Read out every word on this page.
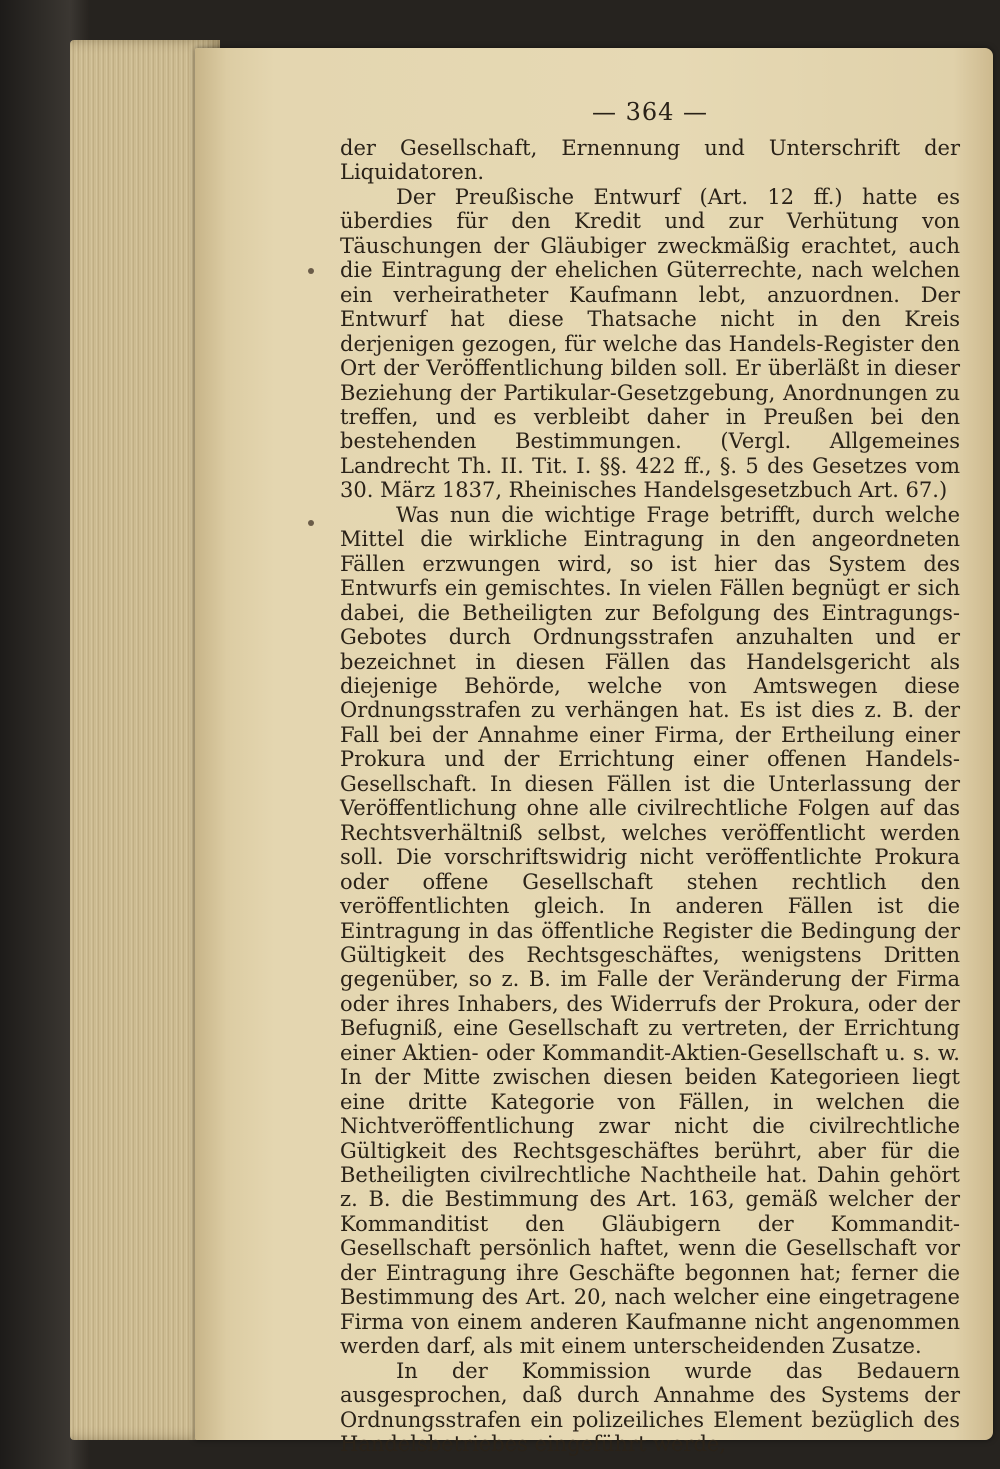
— 364 —

der Gesellschaft, Ernennung und Unterschrift der Liquidatoren.

Der Preußische Entwurf (Art. 12 ff.) hatte es überdies für den Kredit und zur Verhütung von Täuschungen der Gläubiger zweckmäßig erachtet, auch die Eintragung der ehelichen Güterrechte, nach welchen ein verheiratheter Kaufmann lebt, anzuordnen. Der Entwurf hat diese Thatsache nicht in den Kreis derjenigen gezogen, für welche das Handels-Register den Ort der Veröffentlichung bilden soll. Er überläßt in dieser Beziehung der Partikular-Gesetzgebung, Anordnungen zu treffen, und es verbleibt daher in Preußen bei den bestehenden Bestimmungen. (Vergl. Allgemeines Landrecht Th. II. Tit. I. §§. 422 ff., §. 5 des Gesetzes vom 30. März 1837, Rheinisches Handelsgesetzbuch Art. 67.)

Was nun die wichtige Frage betrifft, durch welche Mittel die wirkliche Eintragung in den angeordneten Fällen erzwungen wird, so ist hier das System des Entwurfs ein gemischtes. In vielen Fällen begnügt er sich dabei, die Betheiligten zur Befolgung des Eintragungs-Gebotes durch Ordnungsstrafen anzuhalten und er bezeichnet in diesen Fällen das Handelsgericht als diejenige Behörde, welche von Amtswegen diese Ordnungsstrafen zu verhängen hat. Es ist dies z. B. der Fall bei der Annahme einer Firma, der Ertheilung einer Prokura und der Errichtung einer offenen Handels-Gesellschaft. In diesen Fällen ist die Unterlassung der Veröffentlichung ohne alle civilrechtliche Folgen auf das Rechtsverhältniß selbst, welches veröffentlicht werden soll. Die vorschriftswidrig nicht veröffentlichte Prokura oder offene Gesellschaft stehen rechtlich den veröffentlichten gleich. In anderen Fällen ist die Eintragung in das öffentliche Register die Bedingung der Gültigkeit des Rechtsgeschäftes, wenigstens Dritten gegenüber, so z. B. im Falle der Veränderung der Firma oder ihres Inhabers, des Widerrufs der Prokura, oder der Befugniß, eine Gesellschaft zu vertreten, der Errichtung einer Aktien- oder Kommandit-Aktien-Gesellschaft u. s. w. In der Mitte zwischen diesen beiden Kategorieen liegt eine dritte Kategorie von Fällen, in welchen die Nichtveröffentlichung zwar nicht die civilrechtliche Gültigkeit des Rechtsgeschäftes berührt, aber für die Betheiligten civilrechtliche Nachtheile hat. Dahin gehört z. B. die Bestimmung des Art. 163, gemäß welcher der Kommanditist den Gläubigern der Kommandit-Gesellschaft persönlich haftet, wenn die Gesellschaft vor der Eintragung ihre Geschäfte begonnen hat; ferner die Bestimmung des Art. 20, nach welcher eine eingetragene Firma von einem anderen Kaufmanne nicht angenommen werden darf, als mit einem unterscheidenden Zusatze.

In der Kommission wurde das Bedauern ausgesprochen, daß durch Annahme des Systems der Ordnungsstrafen ein polizeiliches Element bezüglich des Handelsbetriebes eingeführt werde,
